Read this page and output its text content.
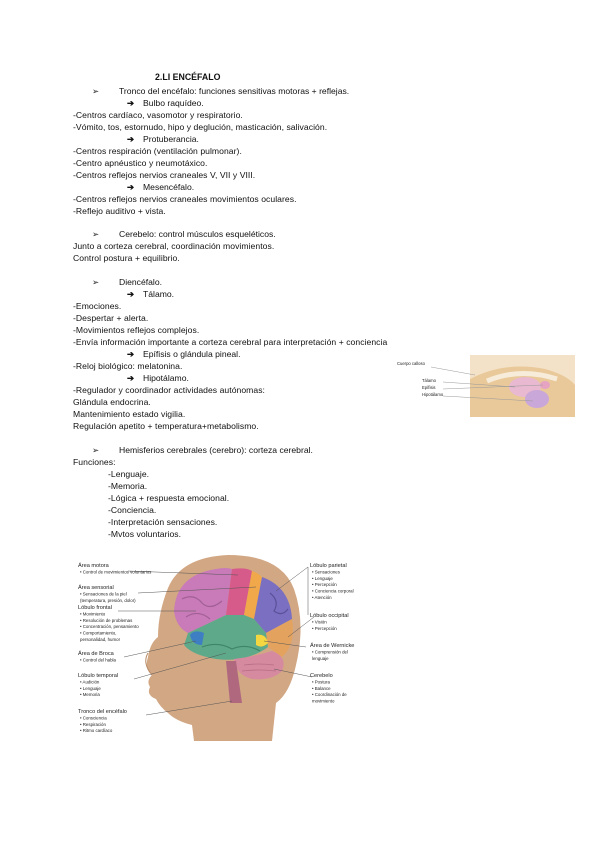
2.LI ENCÉFALO
➢ Tronco del encéfalo: funciones sensitivas motoras + reflejas.
➔ Bulbo raquídeo.
-Centros cardíaco, vasomotor y respiratorio.
-Vómito, tos, estornudo, hipo y deglución, masticación, salivación.
➔ Protuberancia.
-Centros respiración (ventilación pulmonar).
-Centro apnéustico y neumotáxico.
-Centros reflejos nervios craneales V, VII y VIII.
➔ Mesencéfalo.
-Centros reflejos nervios craneales movimientos oculares.
-Reflejo auditivo + vista.
➢ Cerebelo: control músculos esqueléticos.
Junto a corteza cerebral, coordinación movimientos.
Control postura + equilibrio.
➢ Diencéfalo.
➔ Tálamo.
-Emociones.
-Despertar + alerta.
-Movimientos reflejos complejos.
-Envía información importante a corteza cerebral para interpretación + conciencia
➔ Epífisis o glándula pineal.
-Reloj biológico: melatonina.
➔ Hipotálamo.
-Regulador y coordinador actividades autónomas:
Glándula endocrina.
Mantenimiento estado vigilia.
Regulación apetito + temperatura+metabolismo.
➢ Hemisferios cerebrales (cerebro): corteza cerebral.
Funciones:
-Lenguaje.
-Memoria.
-Lógica + respuesta emocional.
-Conciencia.
-Interpretación sensaciones.
-Mvtos voluntarios.
Cuerpo calloso
Tálamo
Epífisis
Hipotálamo
Área motora
• Control de movimientos voluntarios
Área sensorial
• Sensaciones de la piel
(temperatura, presión, dolor)
Lóbulo frontal
• Movimiento
• Resolución de problemas
• Concentración, pensamiento
• Comportamiento,
personalidad, humor
Área de Broca
• Control del habla
Lóbulo temporal
• Audición
• Lenguaje
• Memoria
Tronco del encéfalo
• Consciencia
• Respiración
• Ritmo cardíaco
Lóbulo parietal
• Sensaciones
• Lenguaje
• Percepción
• Conciencia corporal
• Atención
Lóbulo occipital
• Visión
• Percepción
Área de Wernicke
• Comprensión del
lenguaje
Cerebelo
• Postura
• Balance
• Coordinación de
movimiento
